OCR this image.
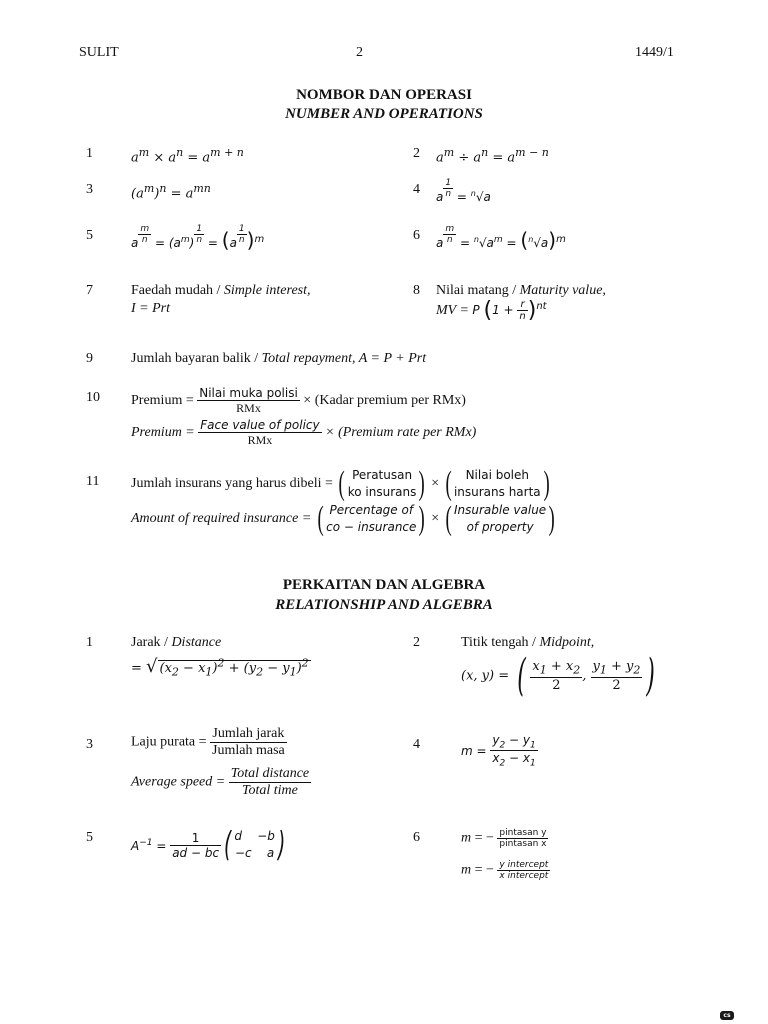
SULIT	2	1449/1
NOMBOR DAN OPERASI
NUMBER AND OPERATIONS
1	$a^m \times a^n = a^{m + n}$	2 $a^m \div a^n = a^{m - n}$
3	$(a^m)^n = a^{mn}$	4 a $\frac{1}{n} = ^n√a$
5	a $\frac{m}{n} = (a^m) \frac{1}{n} = (a \frac{1}{n} )^m$	6 a $\frac{m}{n} = ^n√a^m = (^n√a)^m$
7	Faedah mudah / Simple interest,
I = Prt
8 Nilai matang / Maturity value,
MV = P $(1 + \frac{r}{n} )^{nt}$
9	Jumlah bayaran balik / Total repayment, A = P + Prt
10 Premium = $\frac{\text{Nilai muka polisi}}{\text{RMx}}$ × (Kadar premium per RMx)
Premium = $\frac{\text{Face value of policy}}{\text{RMx}}$ × (Premium rate per RMx)
11 Jumlah insurans yang harus dibeli = ( Peratusan
ko insurans ) × (	Nilai boleh
insurans harta )
Amount of required insurance = ( Percentage of
co − insurance ) × ( Insurable value
of property )
PERKAITAN DAN ALGEBRA
RELATIONSHIP AND ALGEBRA
1	Jarak / Distance
= √ $(x_2 - x_1)^2 + (y_2 - y_1)^2$
2	Titik tengah / Midpoint,
(x, y) = ( $\frac{x_1 + x_2}{2}$ , $\frac{y_1 + y_2}{2}$ )
3	Laju purata = $\frac{\text{Jumlah jarak}}{\text{Jumlah masa}}$
Average speed = $\frac{\text{Total distance}}{\text{Total time}}$
4	$m = \frac{y_2 - y_1}{x_2 - x_1}$
5
$A^{-1} = \frac{1}{ad - bc}$ ( d    −b
−c    a )	6	m = − $\frac{\text{pintasan y}}{\text{pintasan x}}$
m = − $\frac{\text{y intercept}}{\text{x intercept}}$
cs
